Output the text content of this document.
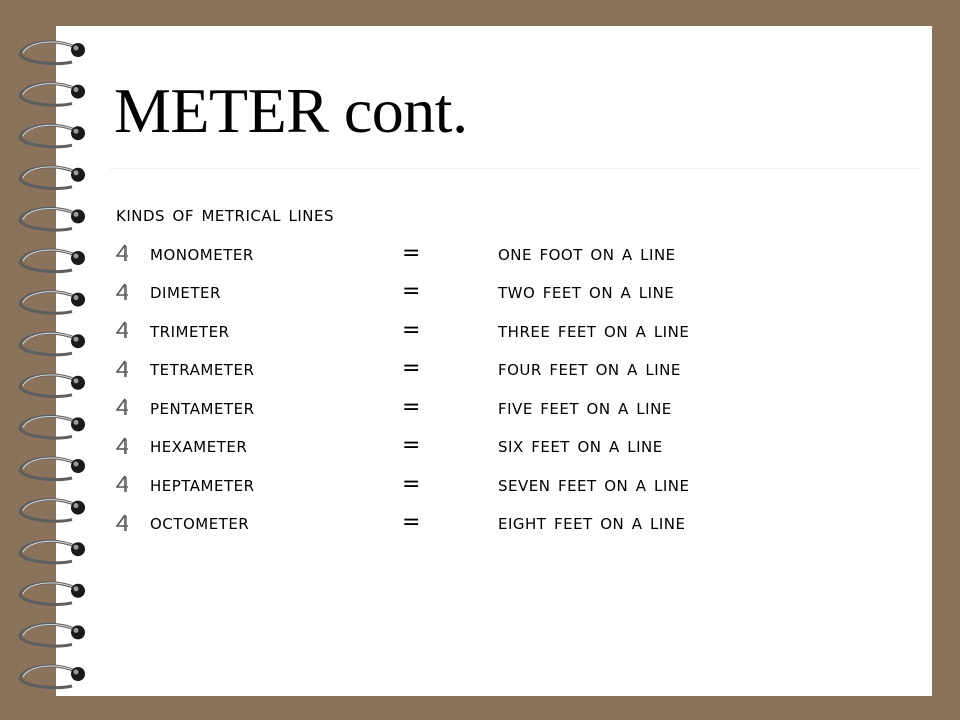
METER cont.
kinds of metrical lines
monometer	=	one foot on a line
dimeter	=	two feet on a line
trimeter	=	three feet on a line
tetrameter	=	four feet on a line
pentameter	=	five feet on a line
hexameter	=	six feet on a line
heptameter	=	seven feet on a line
octometer	=	eight feet on a line
